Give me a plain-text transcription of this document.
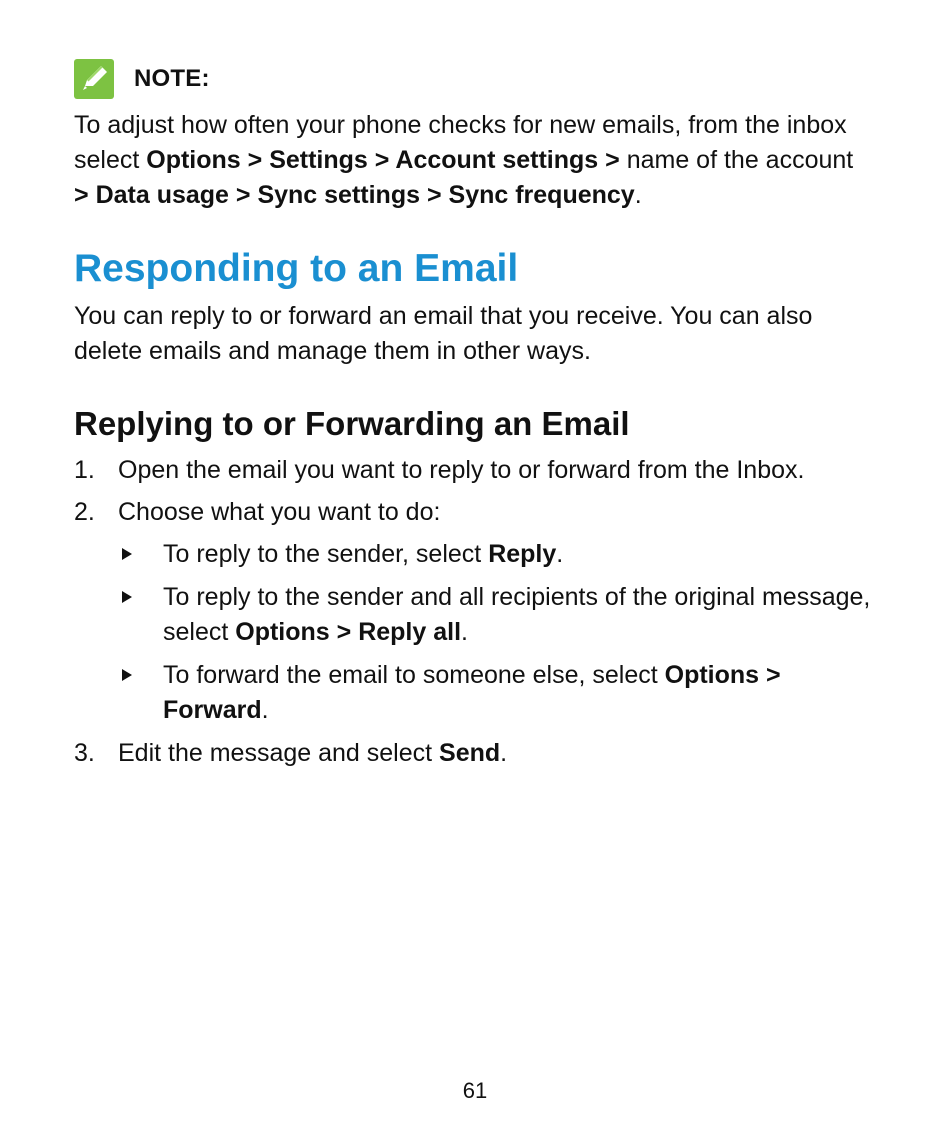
NOTE:

To adjust how often your phone checks for new emails, from the inbox select Options > Settings > Account settings > name of the account > Data usage > Sync settings > Sync frequency.

Responding to an Email

You can reply to or forward an email that you receive. You can also delete emails and manage them in other ways.

Replying to or Forwarding an Email
1. Open the email you want to reply to or forward from the Inbox.
2. Choose what you want to do:
To reply to the sender, select Reply.
To reply to the sender and all recipients of the original message, select Options > Reply all.
To forward the email to someone else, select Options > Forward.
3. Edit the message and select Send.
61
